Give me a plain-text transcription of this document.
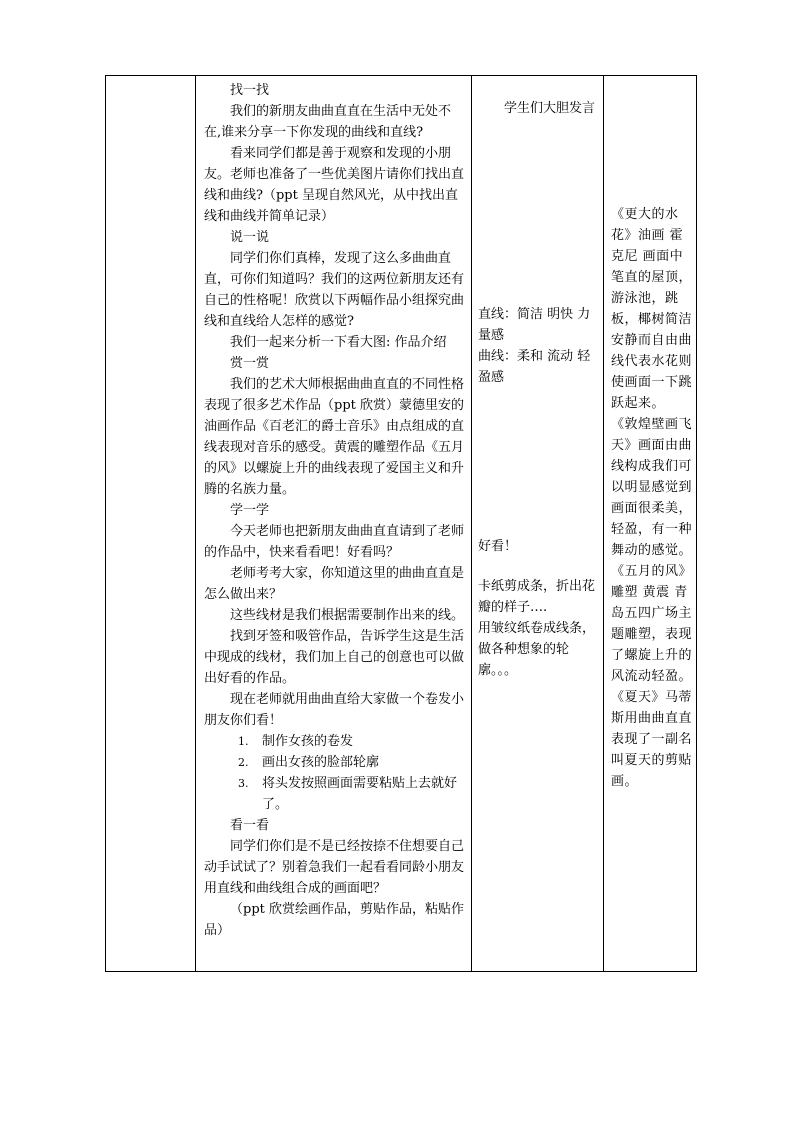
找一找

我们的新朋友曲曲直直在生活中无处不在,谁来分享一下你发现的曲线和直线?

看来同学们都是善于观察和发现的小朋友。老师也准备了一些优美图片请你们找出直线和曲线?（ppt 呈现自然风光，从中找出直线和曲线并简单记录）

说一说

同学们你们真棒，发现了这么多曲曲直直，可你们知道吗？我们的这两位新朋友还有自己的性格呢！欣赏以下两幅作品小组探究曲线和直线给人怎样的感觉?

我们一起来分析一下看大图: 作品介绍

赏一赏

我们的艺术大师根据曲曲直直的不同性格表现了很多艺术作品（ppt 欣赏）蒙德里安的油画作品《百老汇的爵士音乐》由点组成的直线表现对音乐的感受。黄震的雕塑作品《五月的风》以螺旋上升的曲线表现了爱国主义和升腾的名族力量。

学一学

今天老师也把新朋友曲曲直直请到了老师的作品中，快来看看吧！好看吗？

老师考考大家，你知道这里的曲曲直直是怎么做出来？

这些线材是我们根据需要制作出来的线。

找到牙签和吸管作品，告诉学生这是生活中现成的线材，我们加上自己的创意也可以做出好看的作品。

现在老师就用曲曲直给大家做一个卷发小朋友你们看！

1. 制作女孩的卷发
2. 画出女孩的脸部轮廓
3. 将头发按照画面需要粘贴上去就好了。

看一看

同学们你们是不是已经按捺不住想要自己动手试试了？别着急我们一起看看同龄小朋友用直线和曲线组合成的画面吧？

（ppt 欣赏绘画作品，剪贴作品，粘贴作品）

学生们大胆发言

直线：简洁 明快 力量感

曲线：柔和 流动 轻盈感

好看！

卡纸剪成条，折出花瓣的样子….

用皱纹纸卷成线条，做各种想象的轮廓。。。

《更大的水花》油画 霍克尼 画面中笔直的屋顶，游泳池，跳板，椰树简洁安静而自由曲线代表水花则使画面一下跳跃起来。

《敦煌壁画飞天》画面由曲线构成我们可以明显感觉到画面很柔美，轻盈，有一种舞动的感觉。

《五月的风》雕塑 黄震 青岛五四广场主题雕塑，表现了螺旋上升的风流动轻盈。

《夏天》马蒂斯用曲曲直直表现了一副名叫夏天的剪贴画。
